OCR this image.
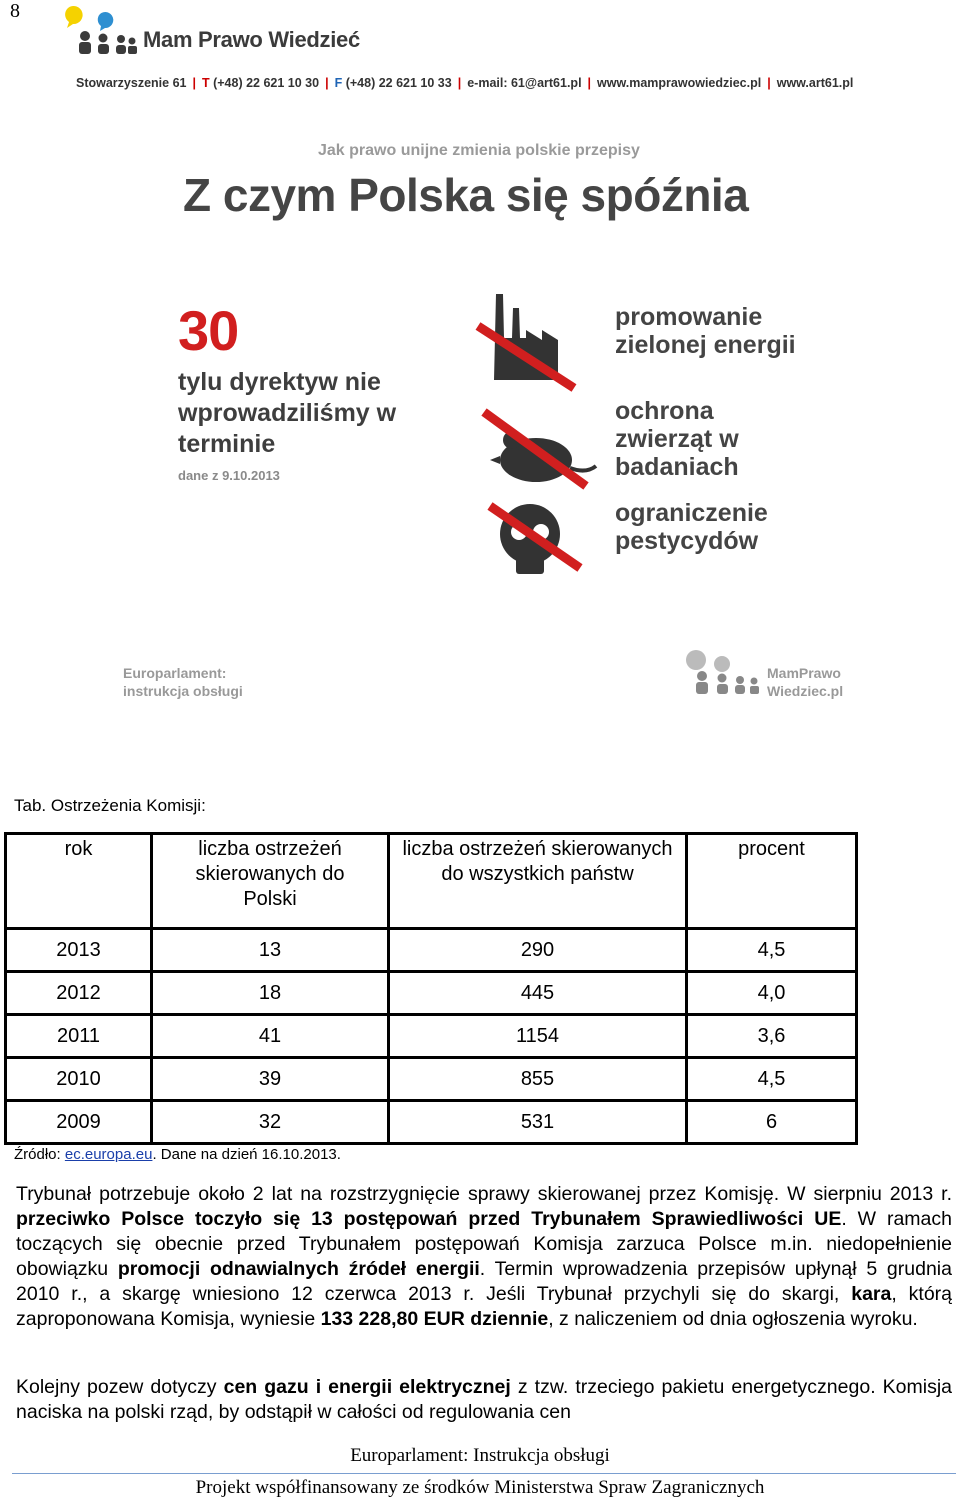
8
Mam Prawo Wiedzieć
Stowarzyszenie 61 | T (+48) 22 621 10 30 | F (+48) 22 621 10 33 | e-mail: 61@art61.pl | www.mamprawowiedziec.pl | www.art61.pl
Jak prawo unijne zmienia polskie przepisy
Z czym Polska się spóźnia
30
tylu dyrektyw nie wprowadziliśmy w terminie
dane z 9.10.2013
promowanie zielonej energii
ochrona zwierząt w badaniach
ograniczenie pestycydów
Europarlament:
instrukcja obsługi
MamPrawo
Wiedziec.pl
Tab. Ostrzeżenia Komisji:
rok	liczba ostrzeżeń skierowanych do Polski	liczba ostrzeżeń skierowanych do wszystkich państw	procent
2013	13	290	4,5
2012	18	445	4,0
2011	41	1154	3,6
2010	39	855	4,5
2009	32	531	6
Źródło: ec.europa.eu. Dane na dzień 16.10.2013.
Trybunał potrzebuje około 2 lat na rozstrzygnięcie sprawy skierowanej przez Komisję. W sierpniu 2013 r. przeciwko Polsce toczyło się 13 postępowań przed Trybunałem Sprawiedliwości UE. W ramach toczących się obecnie przed Trybunałem postępowań Komisja zarzuca Polsce m.in. niedopełnienie obowiązku promocji odnawialnych źródeł energii. Termin wprowadzenia przepisów upłynął 5 grudnia 2010 r., a skargę wniesiono 12 czerwca 2013 r. Jeśli Trybunał przychyli się do skargi, kara, którą zaproponowana Komisja, wyniesie 133 228,80 EUR dziennie, z naliczeniem od dnia ogłoszenia wyroku.
Kolejny pozew dotyczy cen gazu i energii elektrycznej z tzw. trzeciego pakietu energetycznego. Komisja naciska na polski rząd, by odstąpił w całości od regulowania cen
Europarlament: Instrukcja obsługi
Projekt współfinansowany ze środków Ministerstwa Spraw Zagranicznych
